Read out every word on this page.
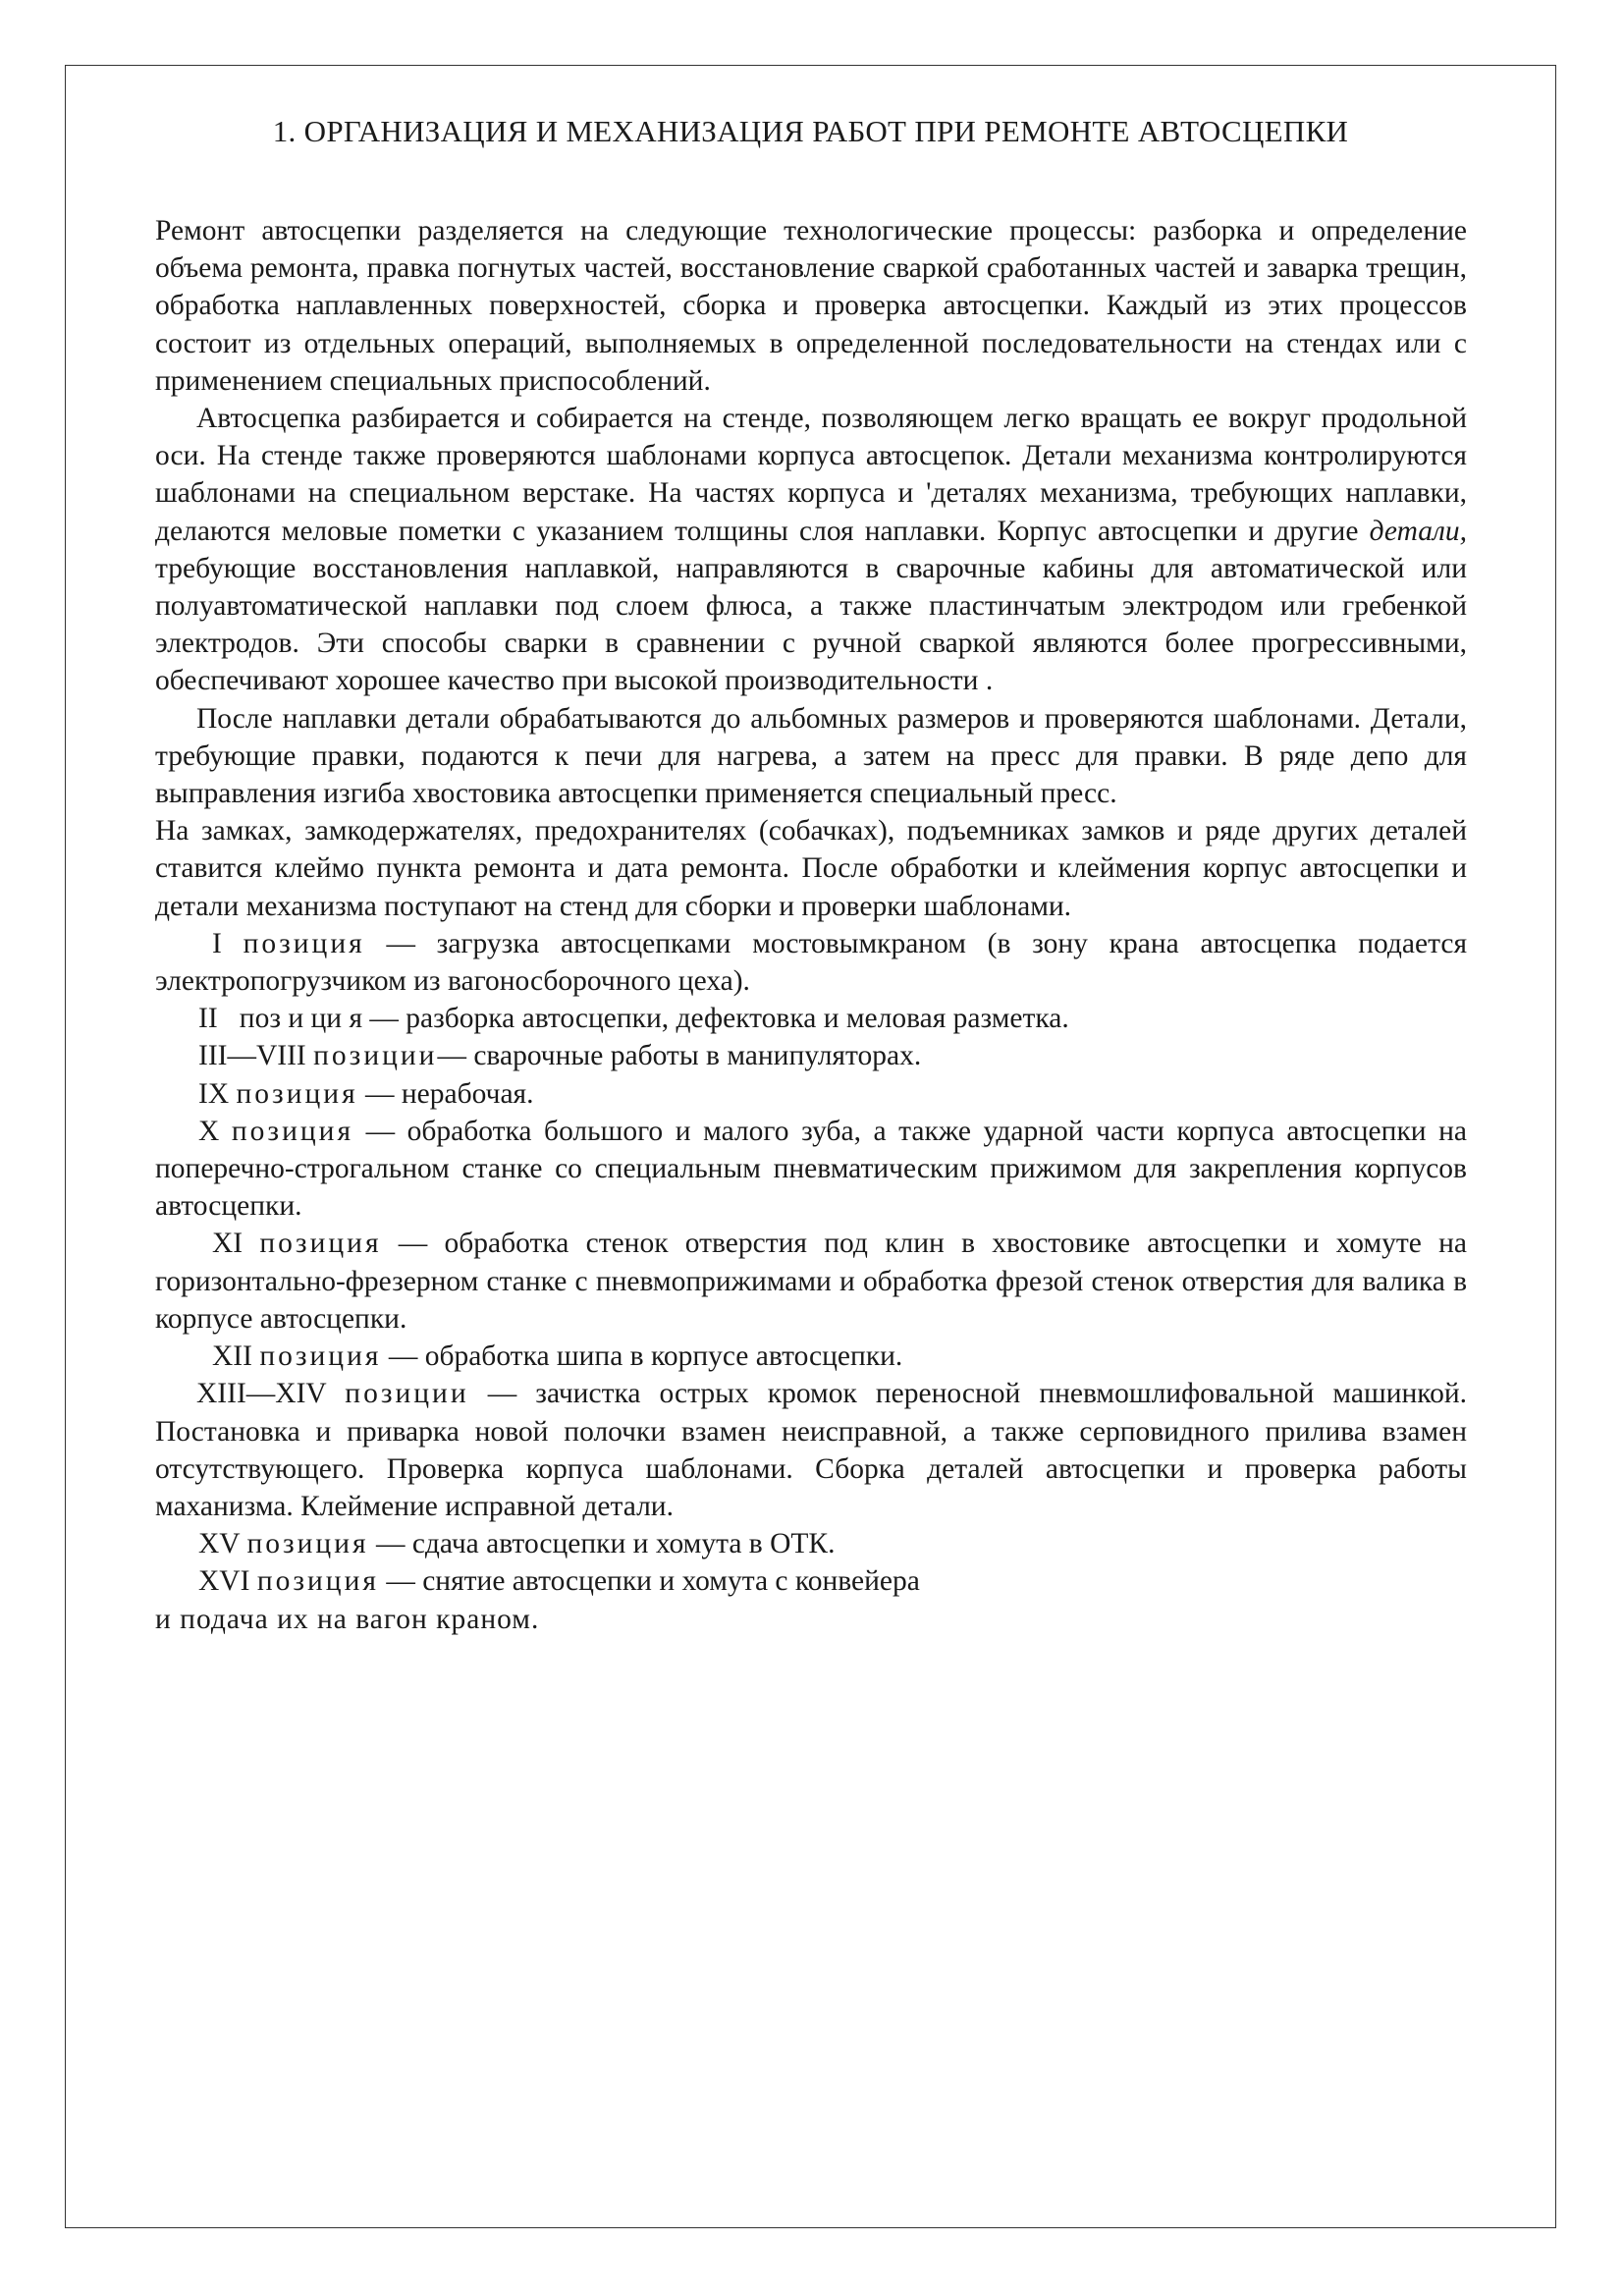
1. ОРГАНИЗАЦИЯ И МЕХАНИЗАЦИЯ РАБОТ ПРИ РЕМОНТЕ АВТОСЦЕПКИ

Ремонт автосцепки разделяется на следующие технологические процессы: разборка и определение объема ремонта, правка погнутых частей, восстановление сваркой сработанных частей и заварка трещин, обработка наплавленных поверхностей, сборка и проверка автосцепки. Каждый из этих процессов состоит из отдельных операций, выполняемых в определенной последовательности на стендах или с применением специальных приспособлений.

Автосцепка разбирается и собирается на стенде, позволяющем легко вращать ее вокруг продольной оси. На стенде также проверяются шаблонами корпуса автосцепок. Детали механизма контролируются шаблонами на специальном верстаке. На частях корпуса и 'деталях механизма, требующих наплавки, делаются меловые пометки с указанием толщины слоя наплавки. Корпус автосцепки и другие детали, требующие восстановления наплавкой, направляются в сварочные кабины для автоматической или полуавтоматической наплавки под слоем флюса, а также пластинчатым электродом или гребенкой электродов. Эти способы сварки в сравнении с ручной сваркой являются более прогрессивными, обеспечивают хорошее качество при высокой производительности .

После наплавки детали обрабатываются до альбомных размеров и проверяются шаблонами. Детали, требующие правки, подаются к печи для нагрева, а затем на пресс для правки. В ряде депо для выправления изгиба хвостовика автосцепки применяется специальный пресс.

На замках, замкодержателях, предохранителях (собачках), подъемниках замков и ряде других деталей ставится клеймо пункта ремонта и дата ремонта. После обработки и клеймения корпус автосцепки и детали механизма поступают на стенд для сборки и проверки шаблонами.

I позиция — загрузка автосцепками мостовымкраном (в зону крана автосцепка подается электропогрузчиком из вагоносборочного цеха).

II поз и ци я — разборка автосцепки, дефектовка и меловая разметка.

III—VIII позиции— сварочные работы в манипуляторах.

IX позиция — нерабочая.

X позиция — обработка большого и малого зуба, а также ударной части корпуса автосцепки на поперечно-строгальном станке со специальным пневматическим прижимом для закрепления корпусов автосцепки.

XI позиция — обработка стенок отверстия под клин в хвостовике автосцепки и хомуте на горизонтально-фрезерном станке с пневмоприжимами и обработка фрезой стенок отверстия для валика в корпусе автосцепки.

XII позиция — обработка шипа в корпусе автосцепки.

XIII—XIV позиции — зачистка острых кромок переносной пневмошлифовальной машинкой. Постановка и приварка новой полочки взамен неисправной, а также серповидного прилива взамен отсутствующего. Проверка корпуса шаблонами. Сборка деталей автосцепки и проверка работы маханизма. Клеймение исправной детали.

XV позиция — сдача автосцепки и хомута в ОТК.

XVI позиция — снятие автосцепки и хомута с конвейера

и подача их на вагон краном.
